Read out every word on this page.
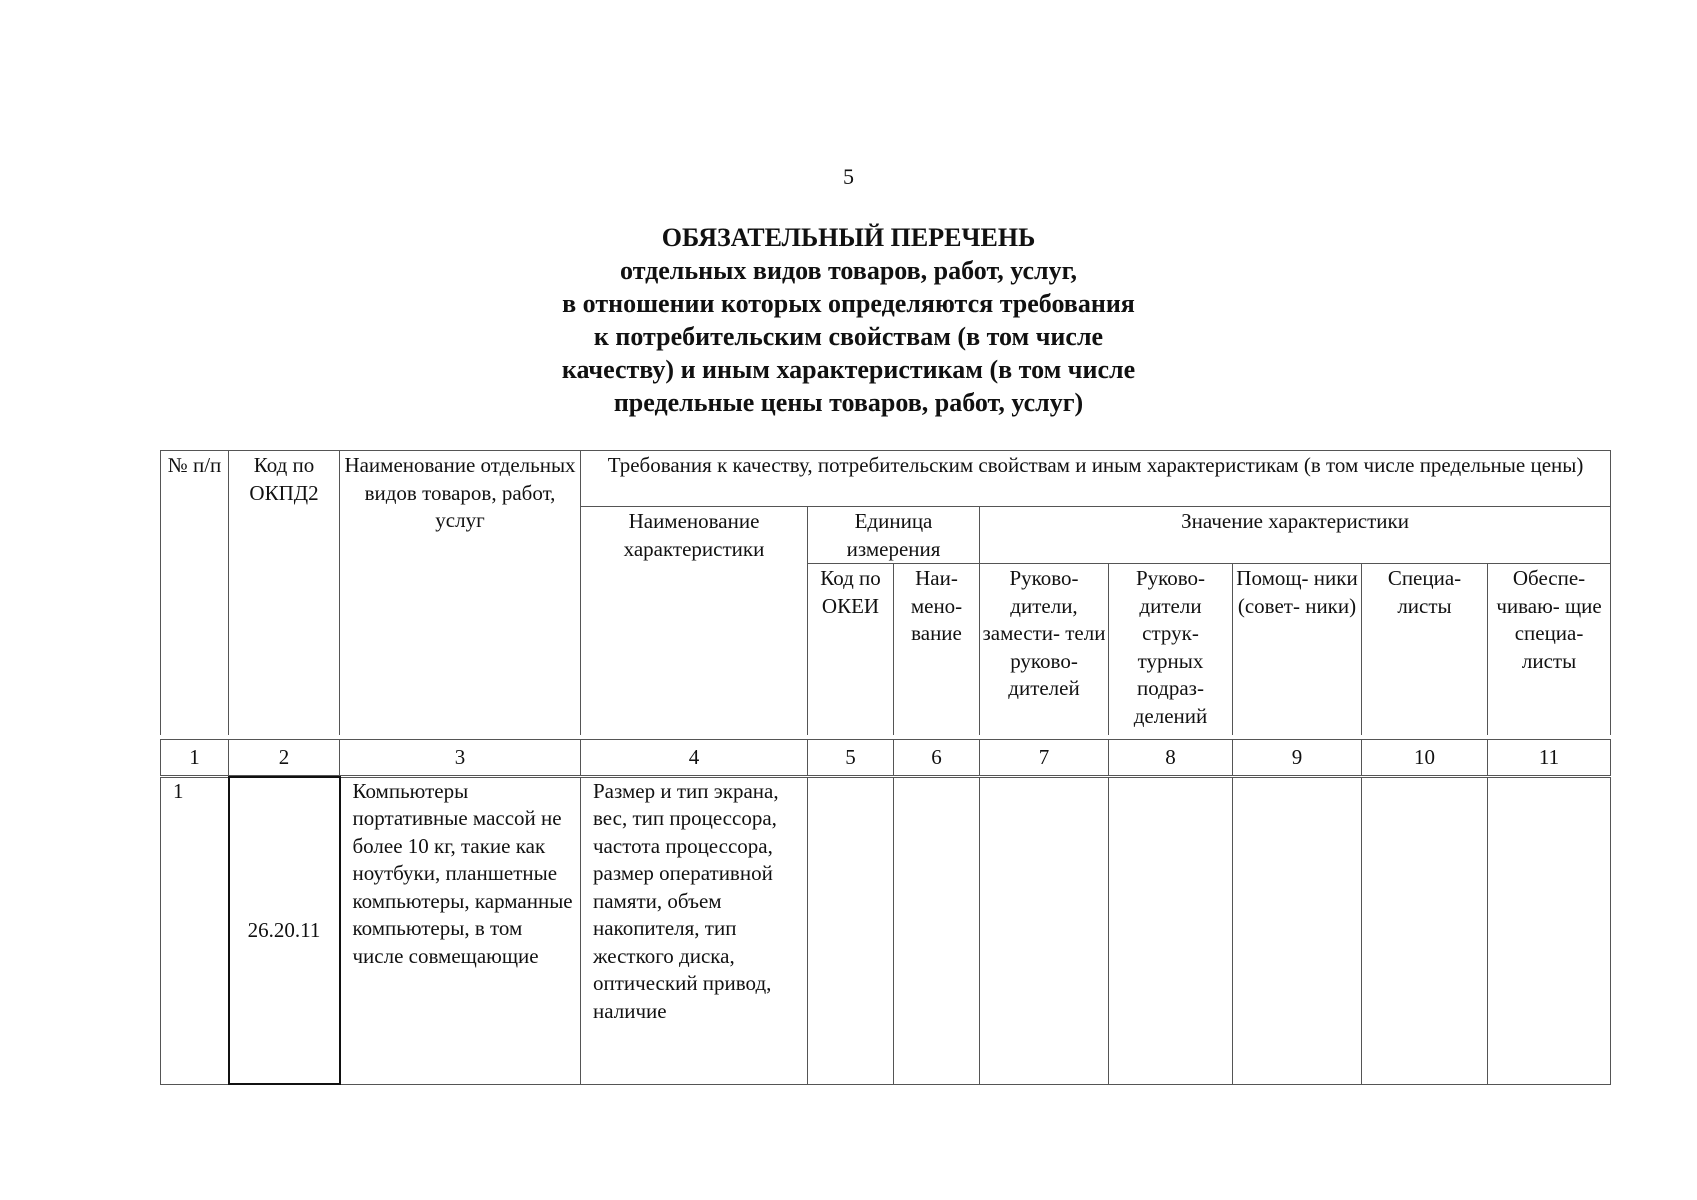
5
ОБЯЗАТЕЛЬНЫЙ ПЕРЕЧЕНЬ
отдельных видов товаров, работ, услуг,
в отношении которых определяются требования
к потребительским свойствам (в том числе
качеству) и иным характеристикам (в том числе
предельные цены товаров, работ, услуг)
№ п/п	Код по ОКПД2	Наименование отдельных видов товаров, работ, услуг	Требования к качеству, потребительским свойствам и иным характеристикам (в том числе предельные цены)							
			Наименование характеристики	Единица измерения		Значение характеристики				
				Код по ОКЕИ	Наи- мено- вание	Руково- дители, замести- тели руково- дителей	Руково- дители струк- турных подраз- делений	Помощ- ники (совет- ники)	Специа- листы	Обеспе- чиваю- щие специа- листы
1	2	3	4	5	6	7	8	9	10	11
1	26.20.11	Компьютеры портативные массой не более 10 кг, такие как ноутбуки, планшетные компьютеры, карманные компьютеры, в том числе совмещающие	Размер и тип экрана, вес, тип процессора, частота процессора, размер оперативной памяти, объем накопителя, тип жесткого диска, оптический привод, наличие							
